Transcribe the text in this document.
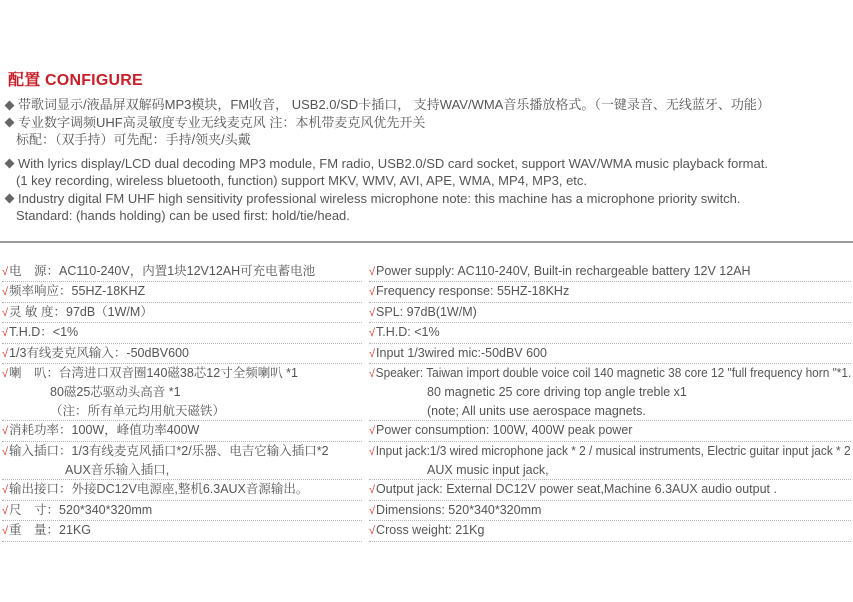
配置 CONFIGURE
带歌词显示/液晶屏双解码MP3模块，FM收音， USB2.0/SD卡插口， 支持WAV/WMA音乐播放格式。（一键录音、无线蓝牙、功能）
专业数字调频UHF高灵敏度专业无线麦克风 注：本机带麦克风优先开关
标配：（双手持）可先配：手持/领夹/头戴
With lyrics display/LCD dual decoding MP3 module, FM radio, USB2.0/SD card socket, support WAV/WMA music playback format.
(1 key recording, wireless bluetooth, function) support MKV, WMV, AVI, APE, WMA, MP4, MP3, etc.
Industry digital FM UHF high sensitivity professional wireless microphone note: this machine has a microphone priority switch.
Standard: (hands holding) can be used first: hold/tie/head.
√电　源：AC110-240V，内置1块12V12AH可充电蓄电池
√频率响应：55HZ-18KHZ
√灵 敏 度：97dB（1W/M）
√T.H.D：<1%
√1/3有线麦克风输入：-50dBV600
√喇　叭：台湾进口双音圈140磁38芯12寸全频喇叭 *1
80磁25芯驱动头高音 *1
（注：所有单元均用航天磁铁）
√消耗功率：100W，峰值功率400W
√输入插口：1/3有线麦克风插口*2/乐器、电吉它输入插口*2
AUX音乐输入插口,
√输出接口：外接DC12V电源座,整机6.3AUX音源输出。
√尺　寸：520*340*320mm
√重　量：21KG
√Power supply: AC110-240V, Built-in rechargeable battery 12V 12AH
√Frequency response: 55HZ-18KHz
√SPL: 97dB(1W/M)
√T.H.D: <1%
√Input 1/3wired mic:-50dBV 600
√Speaker: Taiwan import double voice coil 140 magnetic 38 core 12 "full frequency horn "*1.
80 magnetic 25 core driving top angle treble x1
(note; All units use aerospace magnets.
√Power consumption: 100W, 400W peak power
√Input jack:1/3 wired microphone jack * 2 / musical instruments, Electric guitar input jack * 2
AUX music input jack,
√Output jack: External DC12V power seat,Machine 6.3AUX audio output .
√Dimensions: 520*340*320mm
√Cross weight: 21Kg
